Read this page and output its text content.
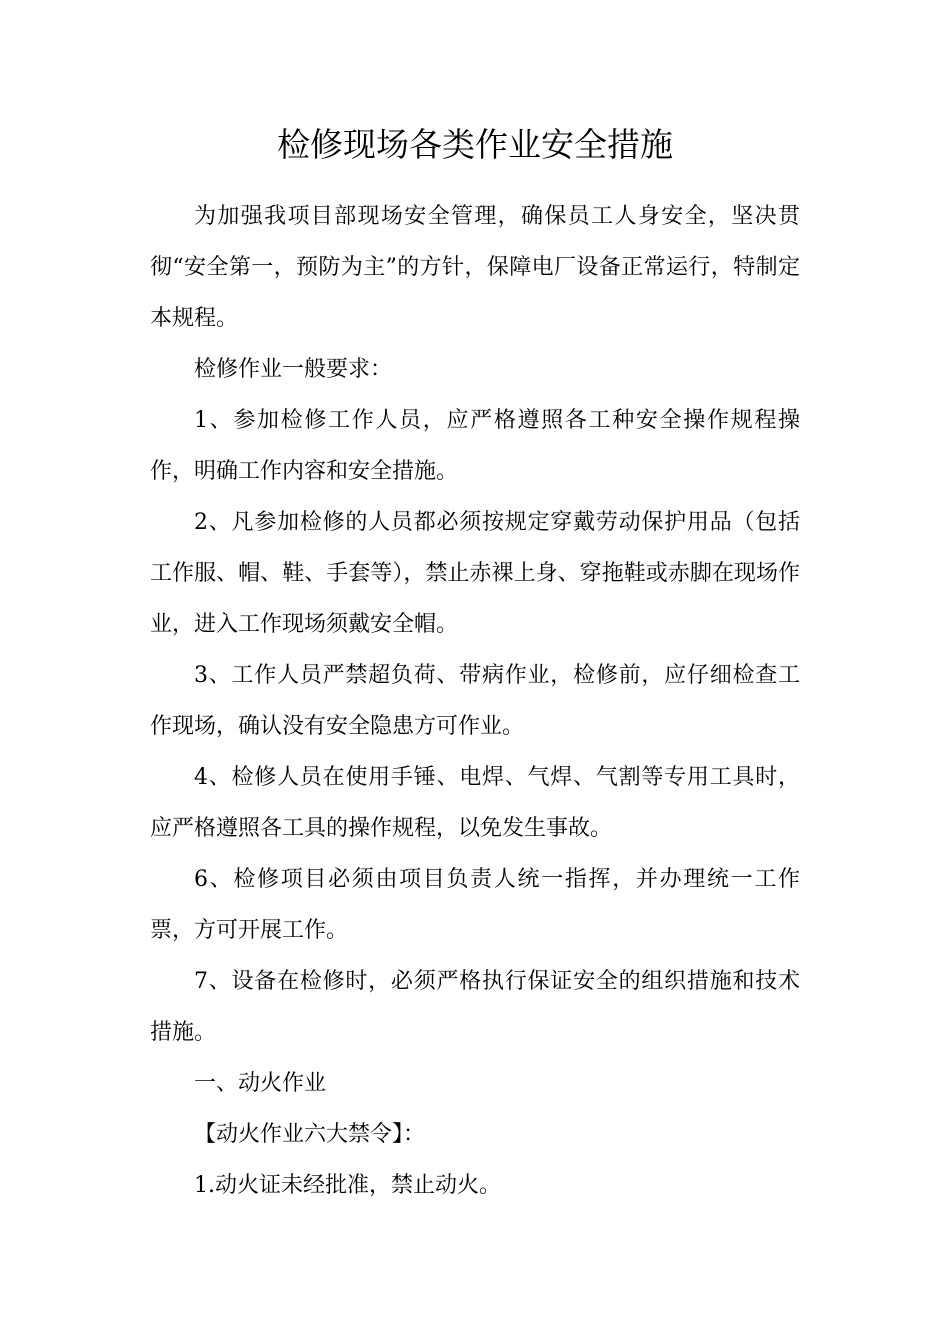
检修现场各类作业安全措施

为加强我项目部现场安全管理，确保员工人身安全，坚决贯彻“安全第一，预防为主”的方针，保障电厂设备正常运行，特制定本规程。

检修作业一般要求：

1、参加检修工作人员，应严格遵照各工种安全操作规程操作，明确工作内容和安全措施。

2、凡参加检修的人员都必须按规定穿戴劳动保护用品（包括工作服、帽、鞋、手套等），禁止赤裸上身、穿拖鞋或赤脚在现场作业，进入工作现场须戴安全帽。

3、工作人员严禁超负荷、带病作业，检修前，应仔细检查工作现场，确认没有安全隐患方可作业。

4、检修人员在使用手锤、电焊、气焊、气割等专用工具时，应严格遵照各工具的操作规程，以免发生事故。

6、检修项目必须由项目负责人统一指挥，并办理统一工作票，方可开展工作。

7、设备在检修时，必须严格执行保证安全的组织措施和技术措施。

一、动火作业

【动火作业六大禁令】：

1.动火证未经批准，禁止动火。
